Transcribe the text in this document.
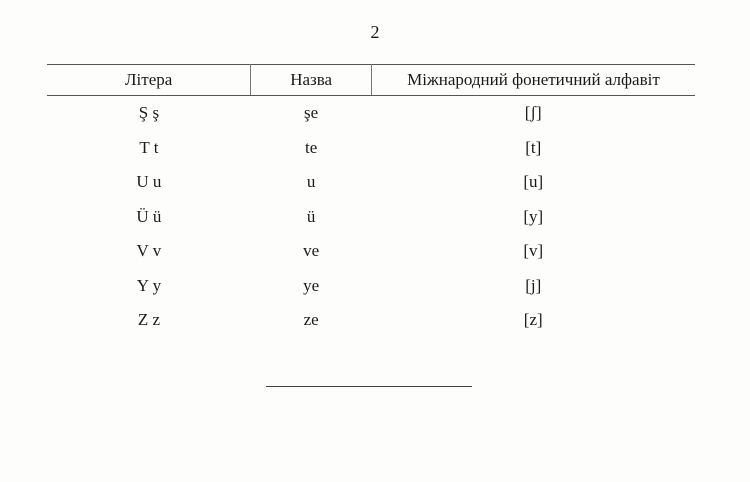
2
Літера	Назва	Міжнародний фонетичний алфавіт
Ş ş	şe	[ʃ]
T t	te	[t]
U u	u	[u]
Ü ü	ü	[y]
V v	ve	[v]
Y y	ye	[j]
Z z	ze	[z]
